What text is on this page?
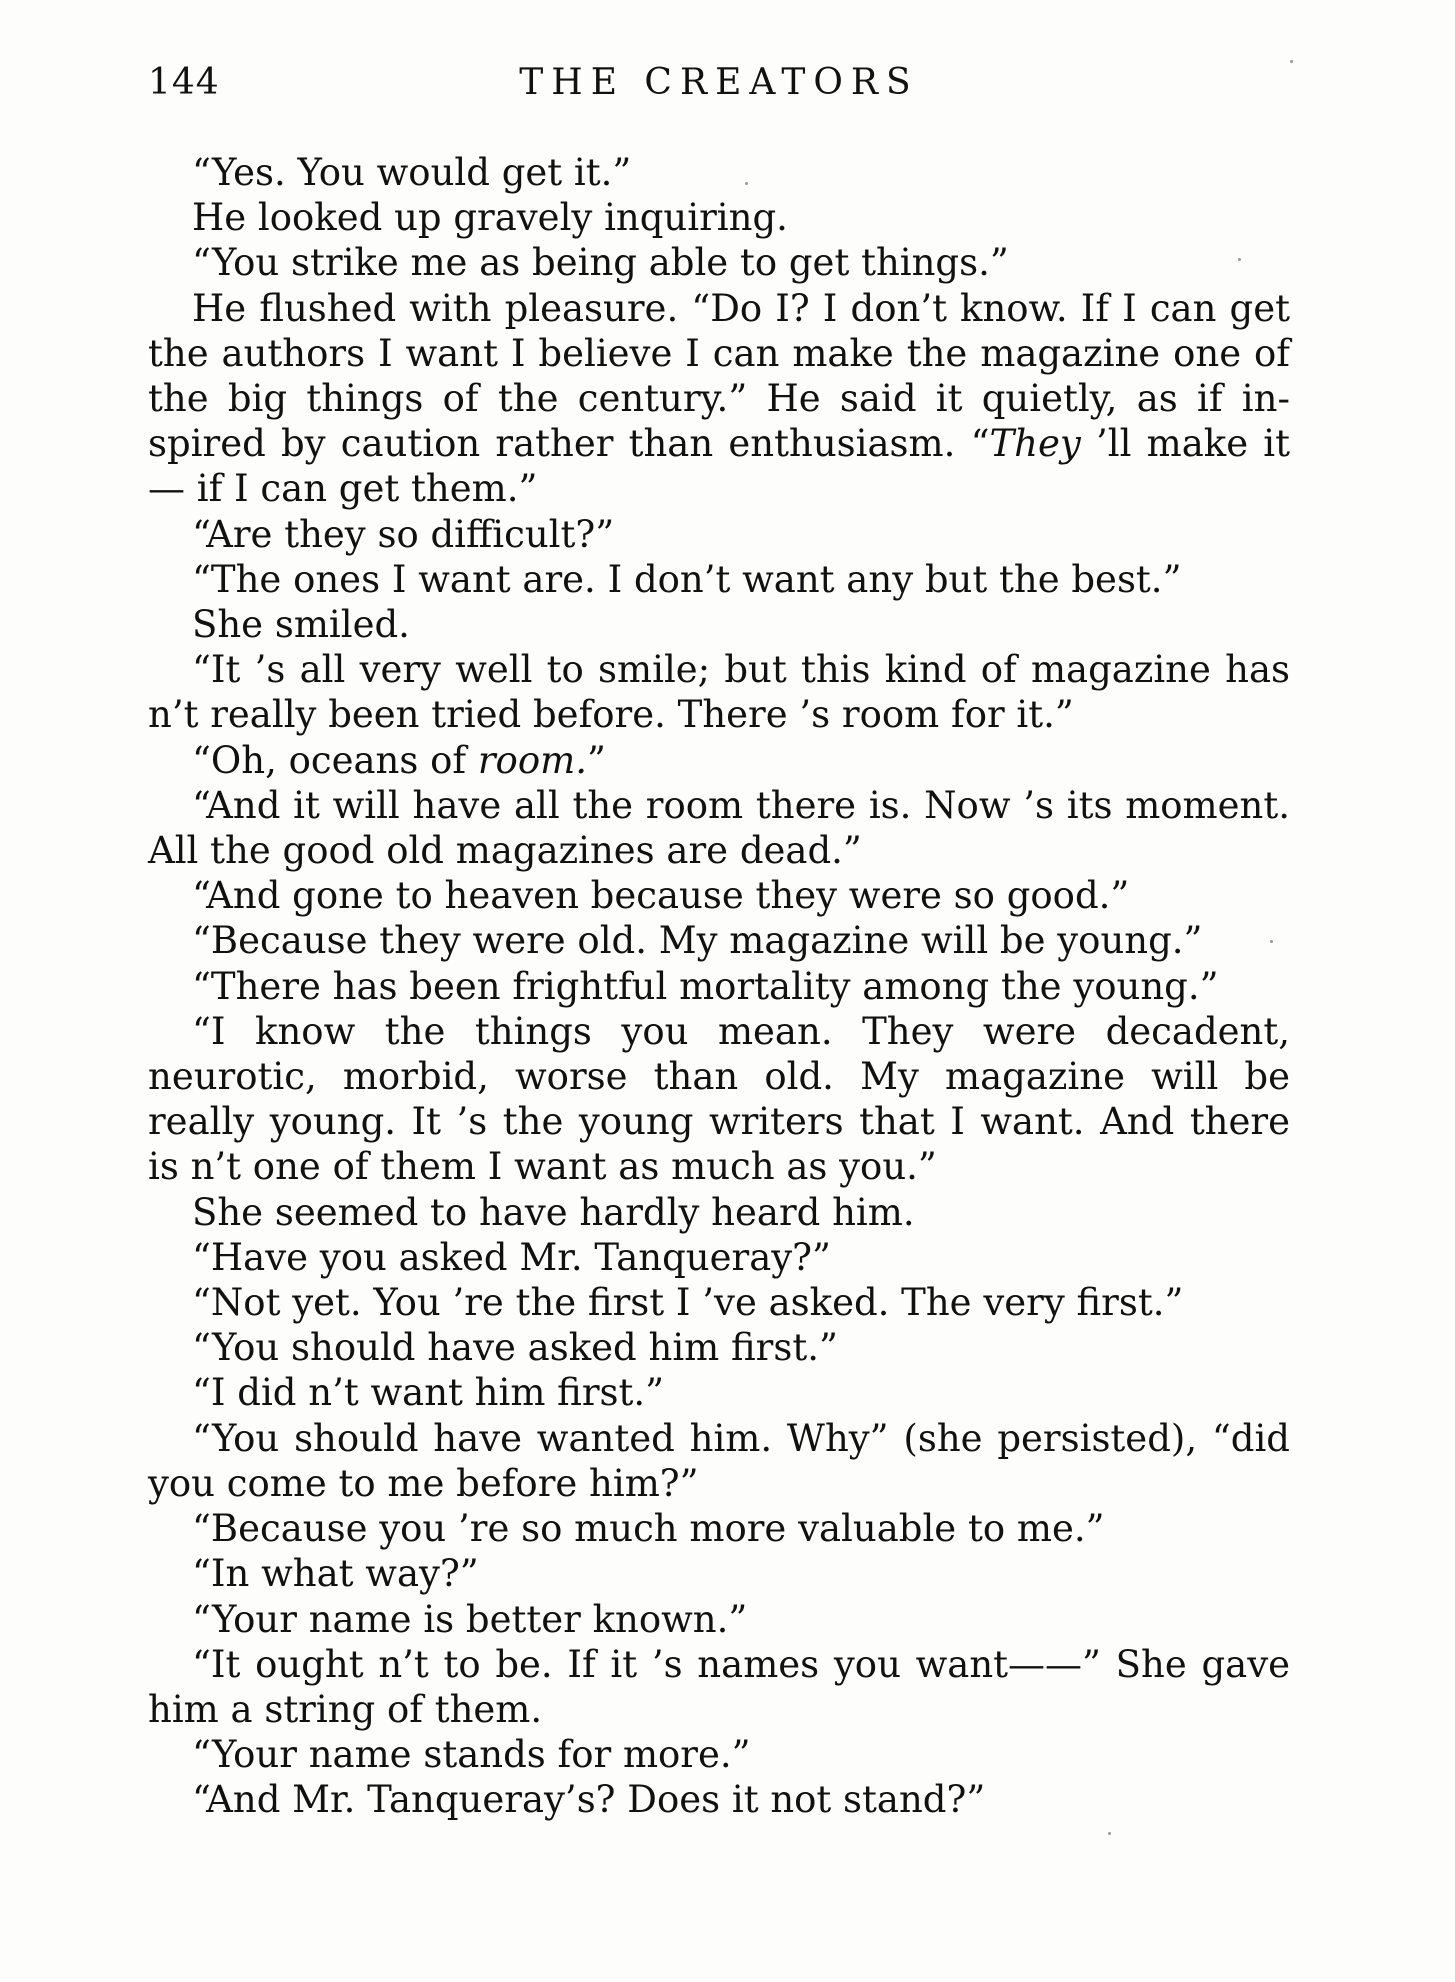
144	THE CREATORS

“Yes. You would get it.”

He looked up gravely inquiring.

“You strike me as being able to get things.”

He flushed with pleasure. “Do I? I don’t know. If I can get the authors I want I believe I can make the magazine one of the big things of the century.” He said it quietly, as if inspired by caution rather than enthusiasm. “They ’ll make it — if I can get them.”

“Are they so difficult?”

“The ones I want are. I don’t want any but the best.”

She smiled.

“It ’s all very well to smile; but this kind of magazine has n’t really been tried before. There ’s room for it.”

“Oh, oceans of room.”

“And it will have all the room there is. Now ’s its moment. All the good old magazines are dead.”

“And gone to heaven because they were so good.”

“Because they were old. My magazine will be young.”

“There has been frightful mortality among the young.”

“I know the things you mean. They were decadent, neurotic, morbid, worse than old. My magazine will be really young. It ’s the young writers that I want. And there is n’t one of them I want as much as you.”

She seemed to have hardly heard him.

“Have you asked Mr. Tanqueray?”

“Not yet. You ’re the first I ’ve asked. The very first.”

“You should have asked him first.”

“I did n’t want him first.”

“You should have wanted him. Why” (she persisted), “did you come to me before him?”

“Because you ’re so much more valuable to me.”

“In what way?”

“Your name is better known.”

“It ought n’t to be. If it ’s names you want——” She gave him a string of them.

“Your name stands for more.”

“And Mr. Tanqueray’s? Does it not stand?”
